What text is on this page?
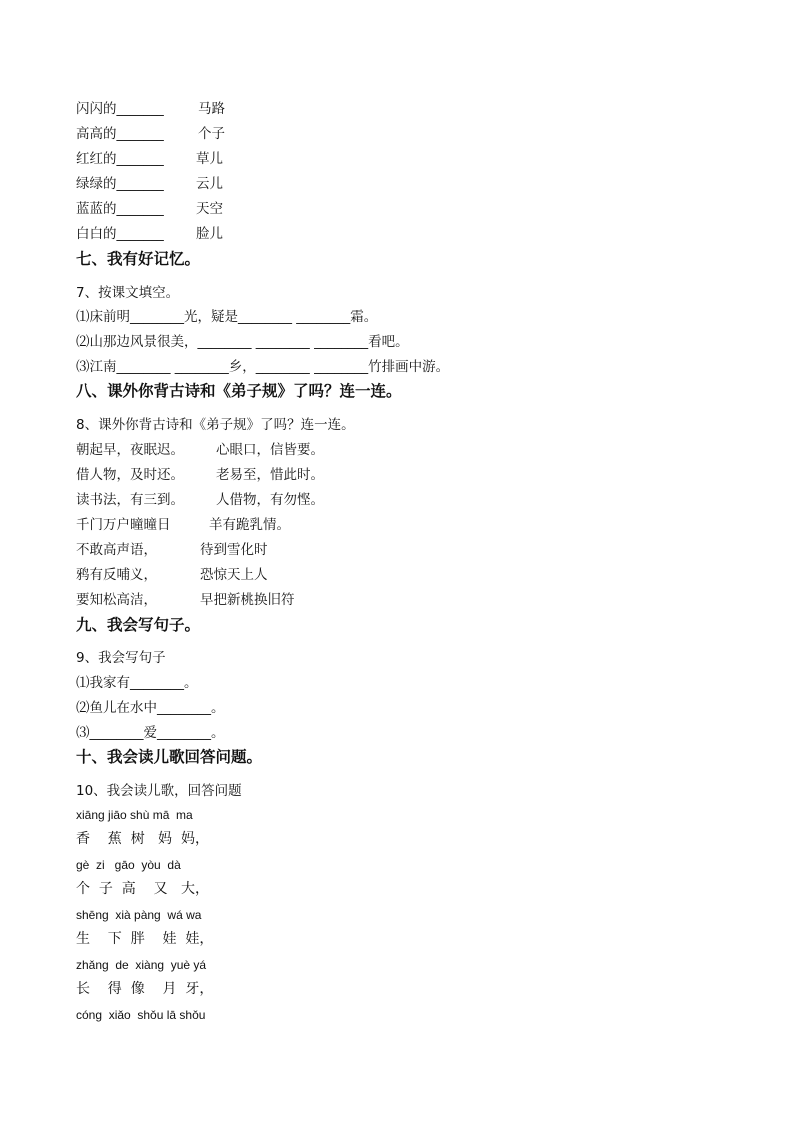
闪闪的_______	马路
高高的_______	个子
红红的_______ 草儿
绿绿的_______ 云儿
蓝蓝的_______ 天空
白白的_______ 脸儿
七、我有好记忆。
7、按课文填空。
⑴床前明________光，疑是________ ________霜。
⑵山那边风景很美，________ ________ ________看吧。
⑶江南________ ________乡，________ ________竹排画中游。
八、课外你背古诗和《弟子规》了吗？连一连。
8、课外你背古诗和《弟子规》了吗？连一连。
朝起早，夜眠迟。 心眼口，信皆要。
借人物，及时还。 老易至，惜此时。
读书法，有三到。 人借物，有勿悭。
千门万户曈曈日	羊有跪乳情。
不敢高声语，	待到雪化时
鸦有反哺义，	恐惊天上人
要知松高洁，	早把新桃换旧符
九、我会写句子。
9、我会写句子
⑴我家有________。
⑵鱼儿在水中________。
⑶________爱________。
十、我会读儿歌回答问题。
10、我会读儿歌，回答问题
xiāng jiāo shù mā  ma
香    蕉  树   妈  妈，
gè  zi   gāo  yòu  dà
个  子  高    又   大，
shēng  xià pàng  wá wa
生    下  胖    娃  娃，
zhǎng  de  xiàng  yuè yá
长    得  像    月  牙，
cóng  xiǎo  shǒu lā shǒu
